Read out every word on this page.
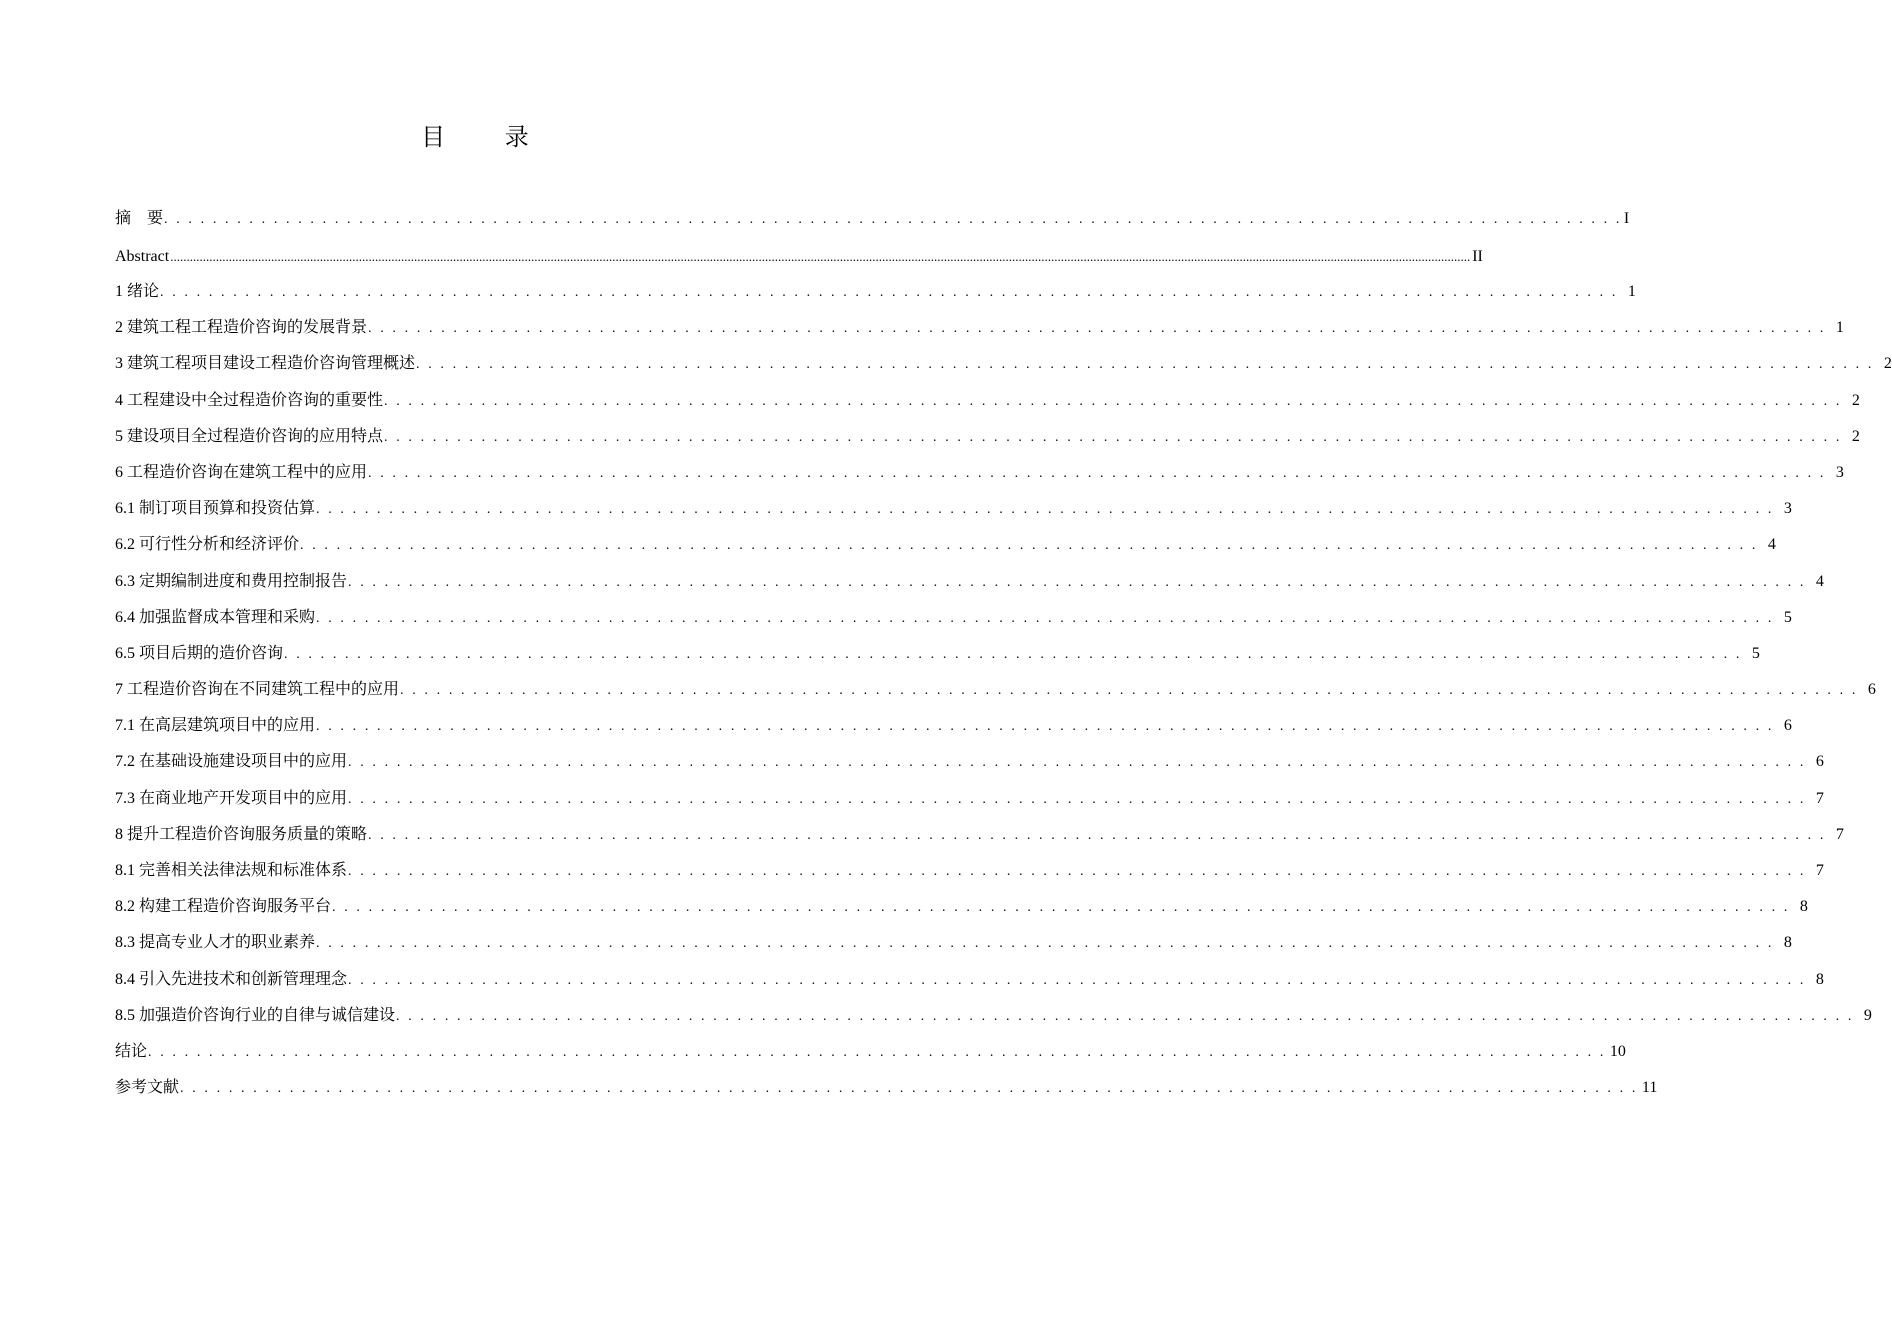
目 录
摘　要 . . . . . . . . . . . . . . . . . . . . . . . . . . . . . . . . . . . . . . . . . . . . . . . . . . . . . . . . . . . . . . . . . . . . . . . . . . . . . . . . . . . . . . . . . . . . . . . . . . . . . . . . . . . . . . . . . . . . . . . . I
Abstract ................................................................................................................................................................................................................................................................................................................................................................................................................ II
1 绪论 . . . . . . . . . . . . . . . . . . . . . . . . . . . . . . . . . . . . . . . . . . . . . . . . . . . . . . . . . . . . . . . . . . . . . . . . . . . . . . . . . . . . . . . . . . . . . . . . . . . . . . . . . . . . . . . . . . . . . . . . 1
2 建筑工程工程造价咨询的发展背景 . . . . . . . . . . . . . . . . . . . . . . . . . . . . . . . . . . . . . . . . . . . . . . . . . . . . . . . . . . . . . . . . . . . . . . . . . . . . . . . . . . . . . . . . . . . . . . . . . . . . . . . . . . . . . . . . . . . . . . . . 1
3 建筑工程项目建设工程造价咨询管理概述 . . . . . . . . . . . . . . . . . . . . . . . . . . . . . . . . . . . . . . . . . . . . . . . . . . . . . . . . . . . . . . . . . . . . . . . . . . . . . . . . . . . . . . . . . . . . . . . . . . . . . . . . . . . . . . . . . . . . . . . . 2
4 工程建设中全过程造价咨询的重要性 . . . . . . . . . . . . . . . . . . . . . . . . . . . . . . . . . . . . . . . . . . . . . . . . . . . . . . . . . . . . . . . . . . . . . . . . . . . . . . . . . . . . . . . . . . . . . . . . . . . . . . . . . . . . . . . . . . . . . . . . 2
5 建设项目全过程造价咨询的应用特点 . . . . . . . . . . . . . . . . . . . . . . . . . . . . . . . . . . . . . . . . . . . . . . . . . . . . . . . . . . . . . . . . . . . . . . . . . . . . . . . . . . . . . . . . . . . . . . . . . . . . . . . . . . . . . . . . . . . . . . . . 2
6 工程造价咨询在建筑工程中的应用 . . . . . . . . . . . . . . . . . . . . . . . . . . . . . . . . . . . . . . . . . . . . . . . . . . . . . . . . . . . . . . . . . . . . . . . . . . . . . . . . . . . . . . . . . . . . . . . . . . . . . . . . . . . . . . . . . . . . . . . . 3
6.1 制订项目预算和投资估算 . . . . . . . . . . . . . . . . . . . . . . . . . . . . . . . . . . . . . . . . . . . . . . . . . . . . . . . . . . . . . . . . . . . . . . . . . . . . . . . . . . . . . . . . . . . . . . . . . . . . . . . . . . . . . . . . . . . . . . . . 3
6.2 可行性分析和经济评价 . . . . . . . . . . . . . . . . . . . . . . . . . . . . . . . . . . . . . . . . . . . . . . . . . . . . . . . . . . . . . . . . . . . . . . . . . . . . . . . . . . . . . . . . . . . . . . . . . . . . . . . . . . . . . . . . . . . . . . . . 4
6.3 定期编制进度和费用控制报告 . . . . . . . . . . . . . . . . . . . . . . . . . . . . . . . . . . . . . . . . . . . . . . . . . . . . . . . . . . . . . . . . . . . . . . . . . . . . . . . . . . . . . . . . . . . . . . . . . . . . . . . . . . . . . . . . . . . . . . . . 4
6.4 加强监督成本管理和采购 . . . . . . . . . . . . . . . . . . . . . . . . . . . . . . . . . . . . . . . . . . . . . . . . . . . . . . . . . . . . . . . . . . . . . . . . . . . . . . . . . . . . . . . . . . . . . . . . . . . . . . . . . . . . . . . . . . . . . . . . 5
6.5 项目后期的造价咨询 . . . . . . . . . . . . . . . . . . . . . . . . . . . . . . . . . . . . . . . . . . . . . . . . . . . . . . . . . . . . . . . . . . . . . . . . . . . . . . . . . . . . . . . . . . . . . . . . . . . . . . . . . . . . . . . . . . . . . . . . 5
7 工程造价咨询在不同建筑工程中的应用 . . . . . . . . . . . . . . . . . . . . . . . . . . . . . . . . . . . . . . . . . . . . . . . . . . . . . . . . . . . . . . . . . . . . . . . . . . . . . . . . . . . . . . . . . . . . . . . . . . . . . . . . . . . . . . . . . . . . . . . . 6
7.1 在高层建筑项目中的应用 . . . . . . . . . . . . . . . . . . . . . . . . . . . . . . . . . . . . . . . . . . . . . . . . . . . . . . . . . . . . . . . . . . . . . . . . . . . . . . . . . . . . . . . . . . . . . . . . . . . . . . . . . . . . . . . . . . . . . . . . 6
7.2 在基础设施建设项目中的应用 . . . . . . . . . . . . . . . . . . . . . . . . . . . . . . . . . . . . . . . . . . . . . . . . . . . . . . . . . . . . . . . . . . . . . . . . . . . . . . . . . . . . . . . . . . . . . . . . . . . . . . . . . . . . . . . . . . . . . . . . 6
7.3 在商业地产开发项目中的应用 . . . . . . . . . . . . . . . . . . . . . . . . . . . . . . . . . . . . . . . . . . . . . . . . . . . . . . . . . . . . . . . . . . . . . . . . . . . . . . . . . . . . . . . . . . . . . . . . . . . . . . . . . . . . . . . . . . . . . . . . 7
8 提升工程造价咨询服务质量的策略 . . . . . . . . . . . . . . . . . . . . . . . . . . . . . . . . . . . . . . . . . . . . . . . . . . . . . . . . . . . . . . . . . . . . . . . . . . . . . . . . . . . . . . . . . . . . . . . . . . . . . . . . . . . . . . . . . . . . . . . . 7
8.1 完善相关法律法规和标准体系 . . . . . . . . . . . . . . . . . . . . . . . . . . . . . . . . . . . . . . . . . . . . . . . . . . . . . . . . . . . . . . . . . . . . . . . . . . . . . . . . . . . . . . . . . . . . . . . . . . . . . . . . . . . . . . . . . . . . . . . . 7
8.2 构建工程造价咨询服务平台 . . . . . . . . . . . . . . . . . . . . . . . . . . . . . . . . . . . . . . . . . . . . . . . . . . . . . . . . . . . . . . . . . . . . . . . . . . . . . . . . . . . . . . . . . . . . . . . . . . . . . . . . . . . . . . . . . . . . . . . . 8
8.3 提高专业人才的职业素养 . . . . . . . . . . . . . . . . . . . . . . . . . . . . . . . . . . . . . . . . . . . . . . . . . . . . . . . . . . . . . . . . . . . . . . . . . . . . . . . . . . . . . . . . . . . . . . . . . . . . . . . . . . . . . . . . . . . . . . . . 8
8.4 引入先进技术和创新管理理念 . . . . . . . . . . . . . . . . . . . . . . . . . . . . . . . . . . . . . . . . . . . . . . . . . . . . . . . . . . . . . . . . . . . . . . . . . . . . . . . . . . . . . . . . . . . . . . . . . . . . . . . . . . . . . . . . . . . . . . . . 8
8.5 加强造价咨询行业的自律与诚信建设 . . . . . . . . . . . . . . . . . . . . . . . . . . . . . . . . . . . . . . . . . . . . . . . . . . . . . . . . . . . . . . . . . . . . . . . . . . . . . . . . . . . . . . . . . . . . . . . . . . . . . . . . . . . . . . . . . . . . . . . . 9
结论 . . . . . . . . . . . . . . . . . . . . . . . . . . . . . . . . . . . . . . . . . . . . . . . . . . . . . . . . . . . . . . . . . . . . . . . . . . . . . . . . . . . . . . . . . . . . . . . . . . . . . . . . . . . . . . . . . . . . . . . . 10
参考文献 . . . . . . . . . . . . . . . . . . . . . . . . . . . . . . . . . . . . . . . . . . . . . . . . . . . . . . . . . . . . . . . . . . . . . . . . . . . . . . . . . . . . . . . . . . . . . . . . . . . . . . . . . . . . . . . . . . . . . . . . 11
